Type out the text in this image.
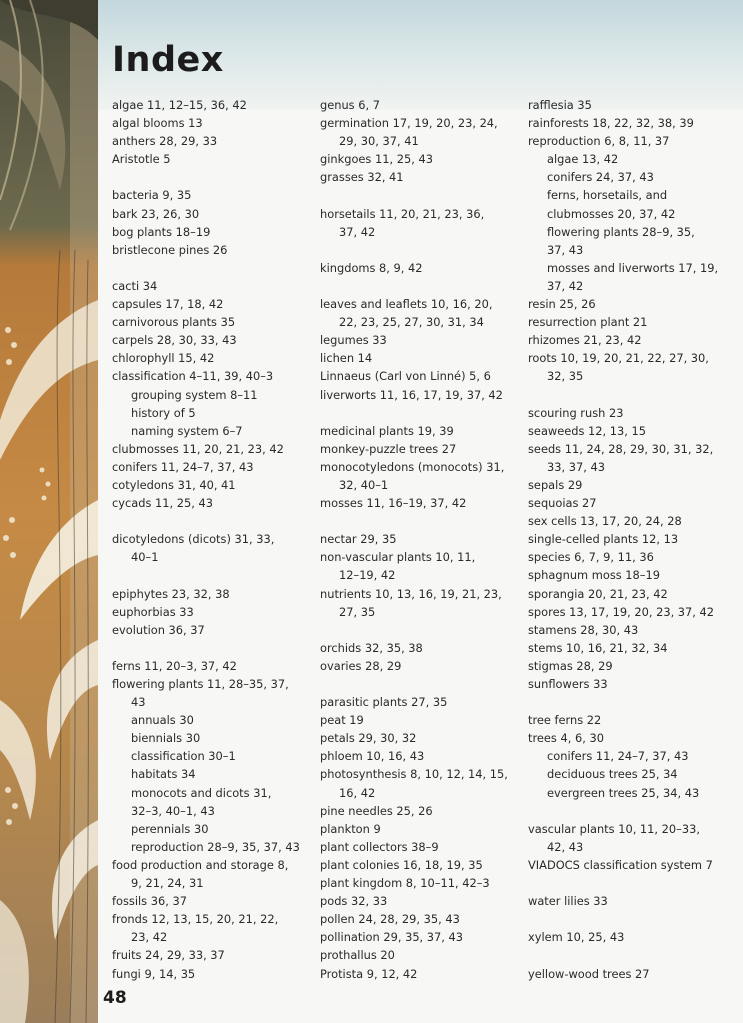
Index
algae 11, 12–15, 36, 42
algal blooms 13
anthers 28, 29, 33
Aristotle 5
bacteria 9, 35
bark 23, 26, 30
bog plants 18–19
bristlecone pines 26
cacti 34
capsules 17, 18, 42
carnivorous plants 35
carpels 28, 30, 33, 43
chlorophyll 15, 42
classification 4–11, 39, 40–3
grouping system 8–11
history of 5
naming system 6–7
clubmosses 11, 20, 21, 23, 42
conifers 11, 24–7, 37, 43
cotyledons 31, 40, 41
cycads 11, 25, 43
dicotyledons (dicots) 31, 33,
40–1
epiphytes 23, 32, 38
euphorbias 33
evolution 36, 37
ferns 11, 20–3, 37, 42
flowering plants 11, 28–35, 37,
43
annuals 30
biennials 30
classification 30–1
habitats 34
monocots and dicots 31,
32–3, 40–1, 43
perennials 30
reproduction 28–9, 35, 37, 43
food production and storage 8,
9, 21, 24, 31
fossils 36, 37
fronds 12, 13, 15, 20, 21, 22,
23, 42
fruits 24, 29, 33, 37
fungi 9, 14, 35
genus 6, 7
germination 17, 19, 20, 23, 24,
29, 30, 37, 41
ginkgoes 11, 25, 43
grasses 32, 41
horsetails 11, 20, 21, 23, 36,
37, 42
kingdoms 8, 9, 42
leaves and leaflets 10, 16, 20,
22, 23, 25, 27, 30, 31, 34
legumes 33
lichen 14
Linnaeus (Carl von Linné) 5, 6
liverworts 11, 16, 17, 19, 37, 42
medicinal plants 19, 39
monkey-puzzle trees 27
monocotyledons (monocots) 31,
32, 40–1
mosses 11, 16–19, 37, 42
nectar 29, 35
non-vascular plants 10, 11,
12–19, 42
nutrients 10, 13, 16, 19, 21, 23,
27, 35
orchids 32, 35, 38
ovaries 28, 29
parasitic plants 27, 35
peat 19
petals 29, 30, 32
phloem 10, 16, 43
photosynthesis 8, 10, 12, 14, 15,
16, 42
pine needles 25, 26
plankton 9
plant collectors 38–9
plant colonies 16, 18, 19, 35
plant kingdom 8, 10–11, 42–3
pods 32, 33
pollen 24, 28, 29, 35, 43
pollination 29, 35, 37, 43
prothallus 20
Protista 9, 12, 42
rafflesia 35
rainforests 18, 22, 32, 38, 39
reproduction 6, 8, 11, 37
algae 13, 42
conifers 24, 37, 43
ferns, horsetails, and
clubmosses 20, 37, 42
flowering plants 28–9, 35,
37, 43
mosses and liverworts 17, 19,
37, 42
resin 25, 26
resurrection plant 21
rhizomes 21, 23, 42
roots 10, 19, 20, 21, 22, 27, 30,
32, 35
scouring rush 23
seaweeds 12, 13, 15
seeds 11, 24, 28, 29, 30, 31, 32,
33, 37, 43
sepals 29
sequoias 27
sex cells 13, 17, 20, 24, 28
single-celled plants 12, 13
species 6, 7, 9, 11, 36
sphagnum moss 18–19
sporangia 20, 21, 23, 42
spores 13, 17, 19, 20, 23, 37, 42
stamens 28, 30, 43
stems 10, 16, 21, 32, 34
stigmas 28, 29
sunflowers 33
tree ferns 22
trees 4, 6, 30
conifers 11, 24–7, 37, 43
deciduous trees 25, 34
evergreen trees 25, 34, 43
vascular plants 10, 11, 20–33,
42, 43
VIADOCS classification system 7
water lilies 33
xylem 10, 25, 43
yellow-wood trees 27
48
